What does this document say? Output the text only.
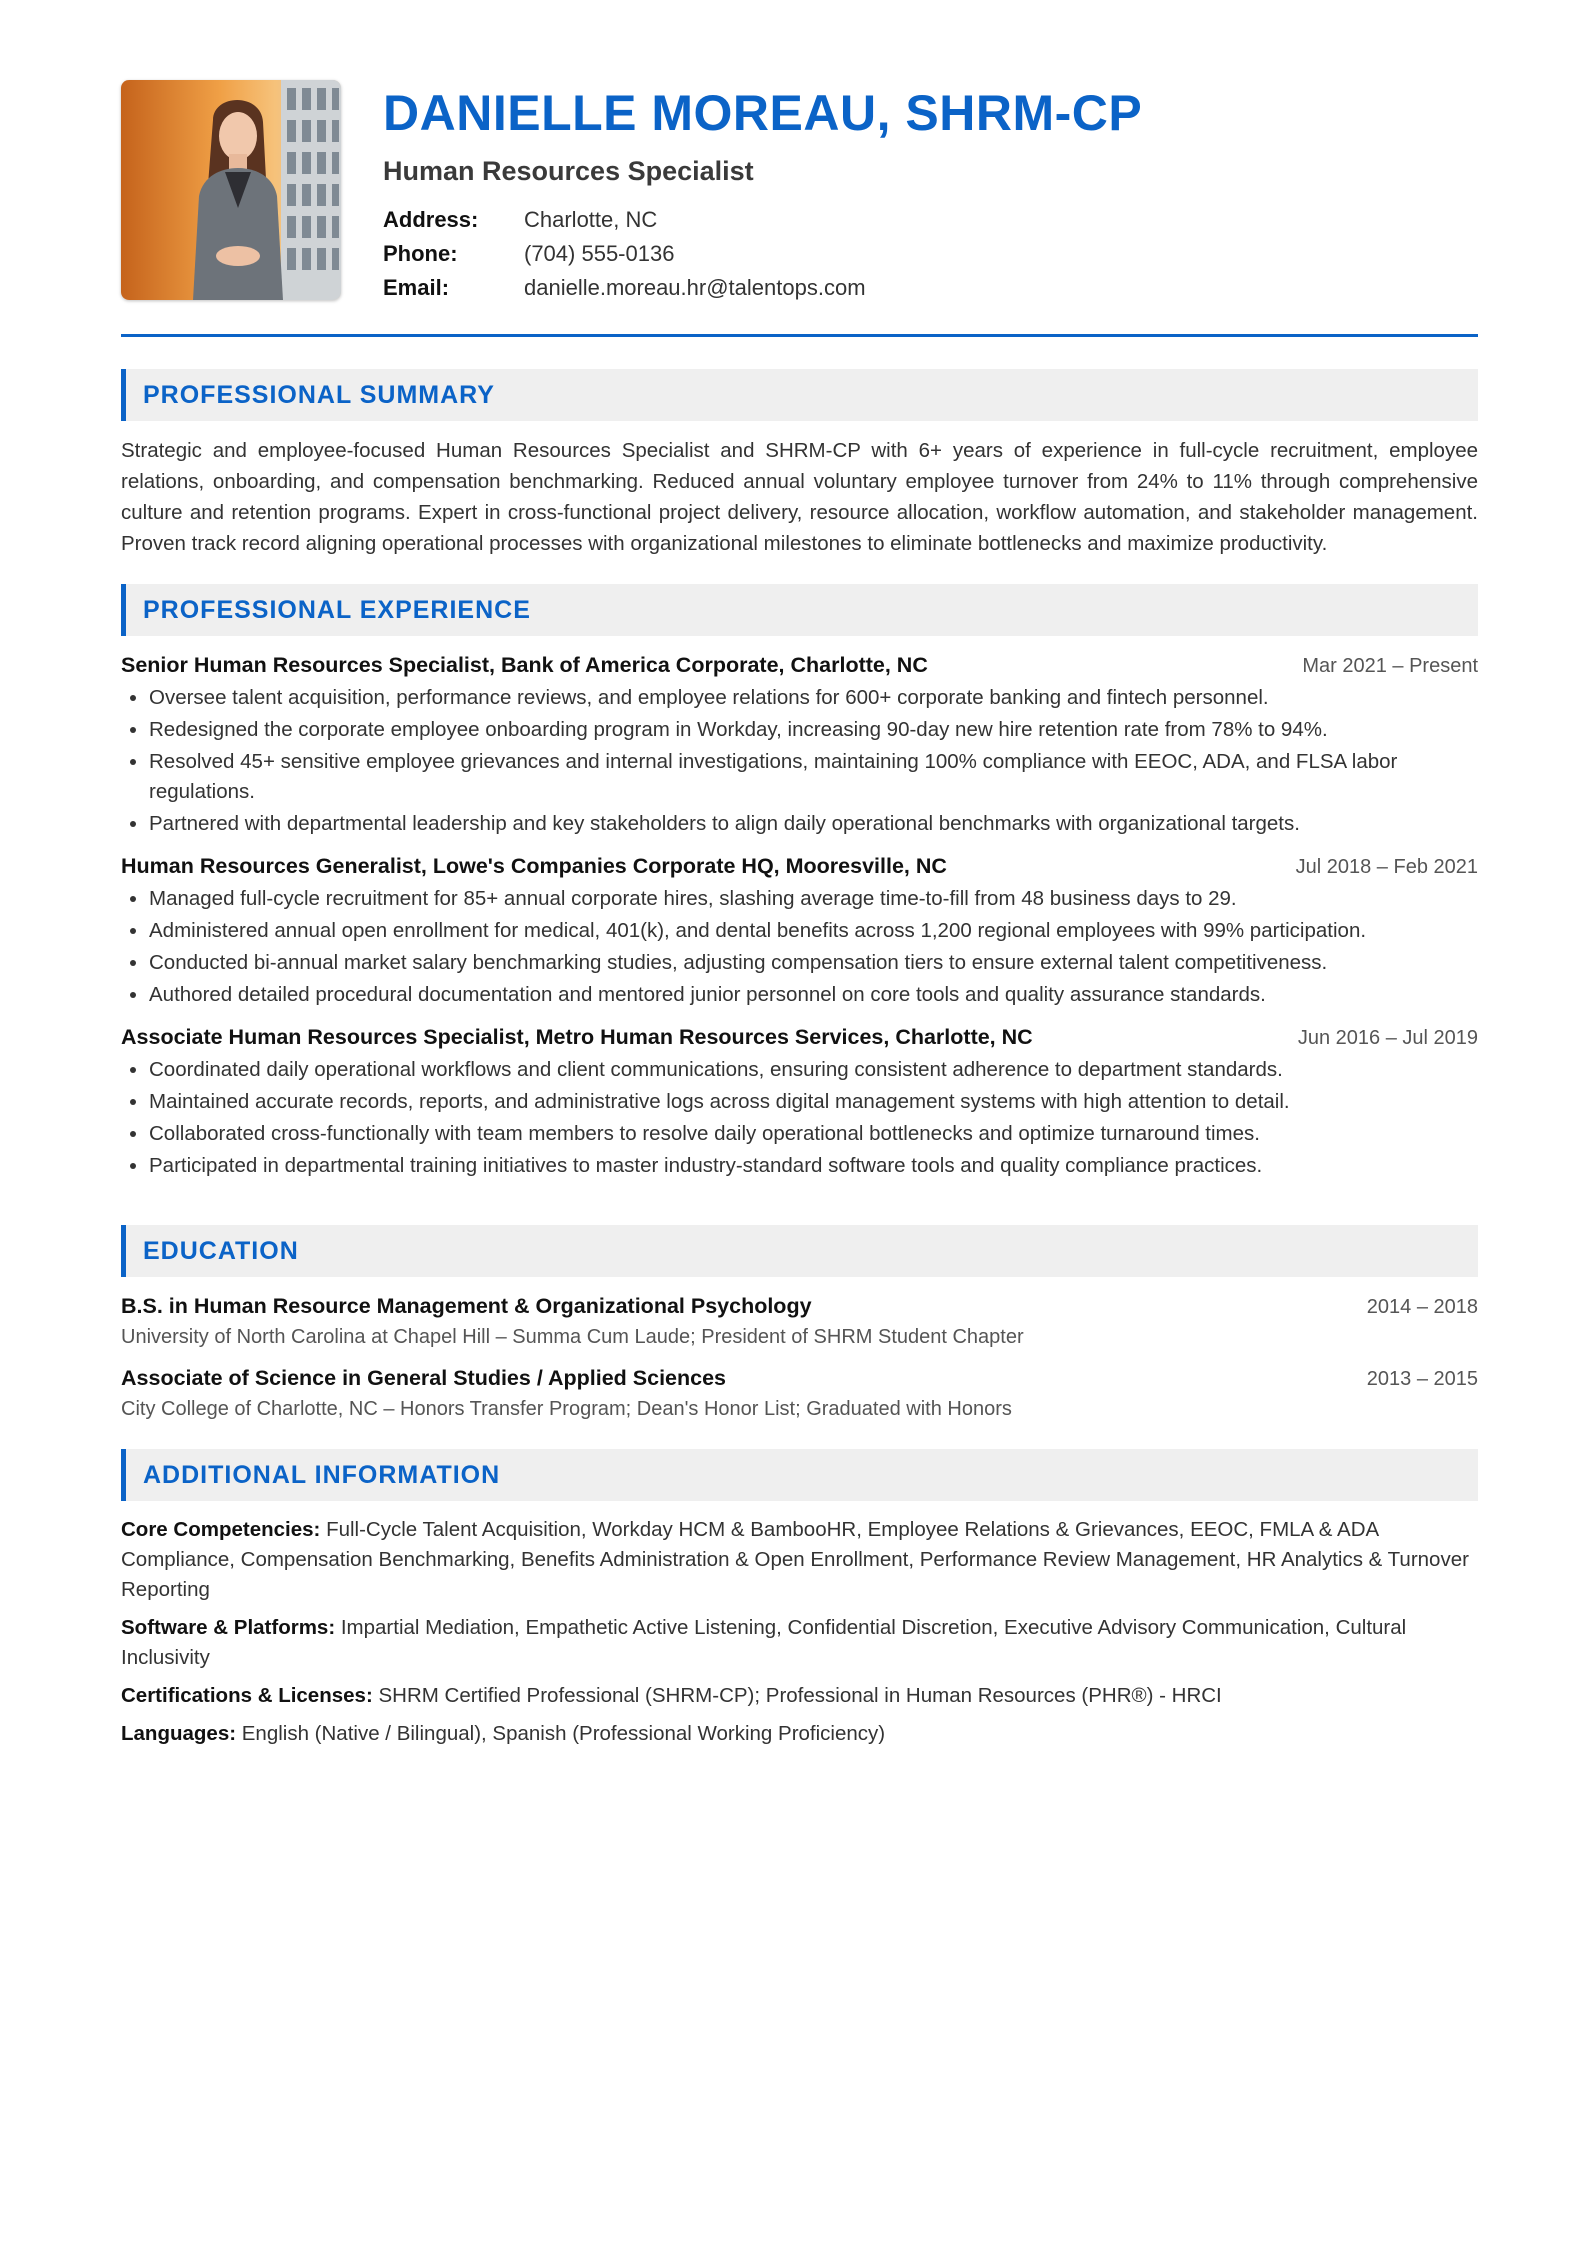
DANIELLE MOREAU, SHRM-CP
Human Resources Specialist
Address:	Charlotte, NC
Phone:	(704) 555-0136
Email:	danielle.moreau.hr@talentops.com
PROFESSIONAL SUMMARY

Strategic and employee-focused Human Resources Specialist and SHRM-CP with 6+ years of experience in full-cycle recruitment, employee relations, onboarding, and compensation benchmarking. Reduced annual voluntary employee turnover from 24% to 11% through comprehensive culture and retention programs. Expert in cross-functional project delivery, resource allocation, workflow automation, and stakeholder management. Proven track record aligning operational processes with organizational milestones to eliminate bottlenecks and maximize productivity.

PROFESSIONAL EXPERIENCE
Senior Human Resources Specialist, Bank of America Corporate, Charlotte, NC	Mar 2021 – Present
• Oversee talent acquisition, performance reviews, and employee relations for 600+ corporate banking and fintech personnel.
• Redesigned the corporate employee onboarding program in Workday, increasing 90-day new hire retention rate from 78% to 94%.
• Resolved 45+ sensitive employee grievances and internal investigations, maintaining 100% compliance with EEOC, ADA, and FLSA labor regulations.
• Partnered with departmental leadership and key stakeholders to align daily operational benchmarks with organizational targets.
Human Resources Generalist, Lowe's Companies Corporate HQ, Mooresville, NC	Jul 2018 – Feb 2021
• Managed full-cycle recruitment for 85+ annual corporate hires, slashing average time-to-fill from 48 business days to 29.
• Administered annual open enrollment for medical, 401(k), and dental benefits across 1,200 regional employees with 99% participation.
• Conducted bi-annual market salary benchmarking studies, adjusting compensation tiers to ensure external talent competitiveness.
• Authored detailed procedural documentation and mentored junior personnel on core tools and quality assurance standards.
Associate Human Resources Specialist, Metro Human Resources Services, Charlotte, NC	Jun 2016 – Jul 2019
• Coordinated daily operational workflows and client communications, ensuring consistent adherence to department standards.
• Maintained accurate records, reports, and administrative logs across digital management systems with high attention to detail.
• Collaborated cross-functionally with team members to resolve daily operational bottlenecks and optimize turnaround times.
• Participated in departmental training initiatives to master industry-standard software tools and quality compliance practices.
EDUCATION
B.S. in Human Resource Management & Organizational Psychology	2014 – 2018
University of North Carolina at Chapel Hill – Summa Cum Laude; President of SHRM Student Chapter
Associate of Science in General Studies / Applied Sciences	2013 – 2015
City College of Charlotte, NC – Honors Transfer Program; Dean's Honor List; Graduated with Honors
ADDITIONAL INFORMATION
Core Competencies: Full-Cycle Talent Acquisition, Workday HCM & BambooHR, Employee Relations & Grievances, EEOC, FMLA & ADA Compliance, Compensation Benchmarking, Benefits Administration & Open Enrollment, Performance Review Management, HR Analytics & Turnover Reporting
Software & Platforms: Impartial Mediation, Empathetic Active Listening, Confidential Discretion, Executive Advisory Communication, Cultural Inclusivity
Certifications & Licenses: SHRM Certified Professional (SHRM-CP); Professional in Human Resources (PHR®) - HRCI
Languages: English (Native / Bilingual), Spanish (Professional Working Proficiency)
